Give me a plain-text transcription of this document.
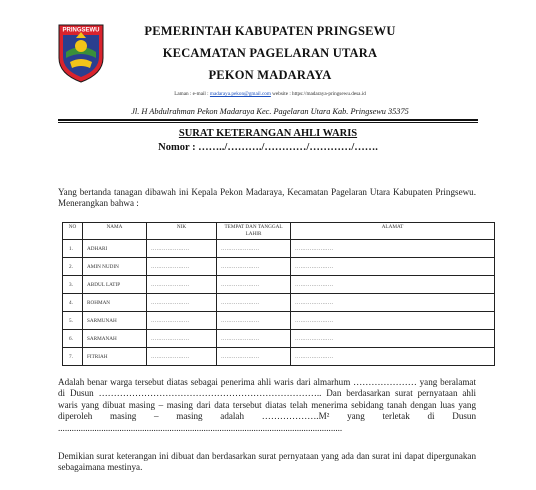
PRINGSEWU	PEMERINTAH KABUPATEN PRINGSEWU
KECAMATAN PAGELARAN UTARA
PEKON MADARAYA
Laman : e-mail : madaraya.pekon@gmail.com website : https://madaraya-pringsewu.desa.id
Jl. H Abdulrahman Pekon Madaraya Kec. Pagelaran Utara Kab. Pringsewu 35375
SURAT KETERANGAN AHLI WARIS
Nomor : ……../………./…………/…………/…….
Yang bertanda tanagan dibawah ini Kepala Pekon Madaraya, Kecamatan Pagelaran Utara Kabupaten Pringsewu. Menerangkan bahwa :
NO	NAMA	NIK	TEMPAT DAN TANGGAL LAHIR	ALAMAT
1.	ADHARI	…………………	…………………	…………………
2.	AMIN NUDIN	…………………	…………………	…………………
3.	ABDUL LATIP	…………………	…………………	…………………
4.	ROHMAN	…………………	…………………	…………………
5.	SARMUNAH	…………………	…………………	…………………
6.	SARMANAH	…………………	…………………	…………………
7.	FITRIAH	…………………	…………………	…………………
Adalah benar warga tersebut diatas sebagai penerima ahli waris dari almarhum ………………… yang beralamat di Dusun ……………………………………………………………….. Dan berdasarkan surat pernyataan ahli waris yang dibuat masing – masing dari data tersebut diatas telah menerima sebidang tanah dengan luas yang diperoleh masing – masing adalah ……………….M² yang terletak di Dusun .............................................................................................................................
Demikian surat keterangan ini dibuat dan berdasarkan surat pernyataan yang ada dan surat ini dapat dipergunakan sebagaimana mestinya.
